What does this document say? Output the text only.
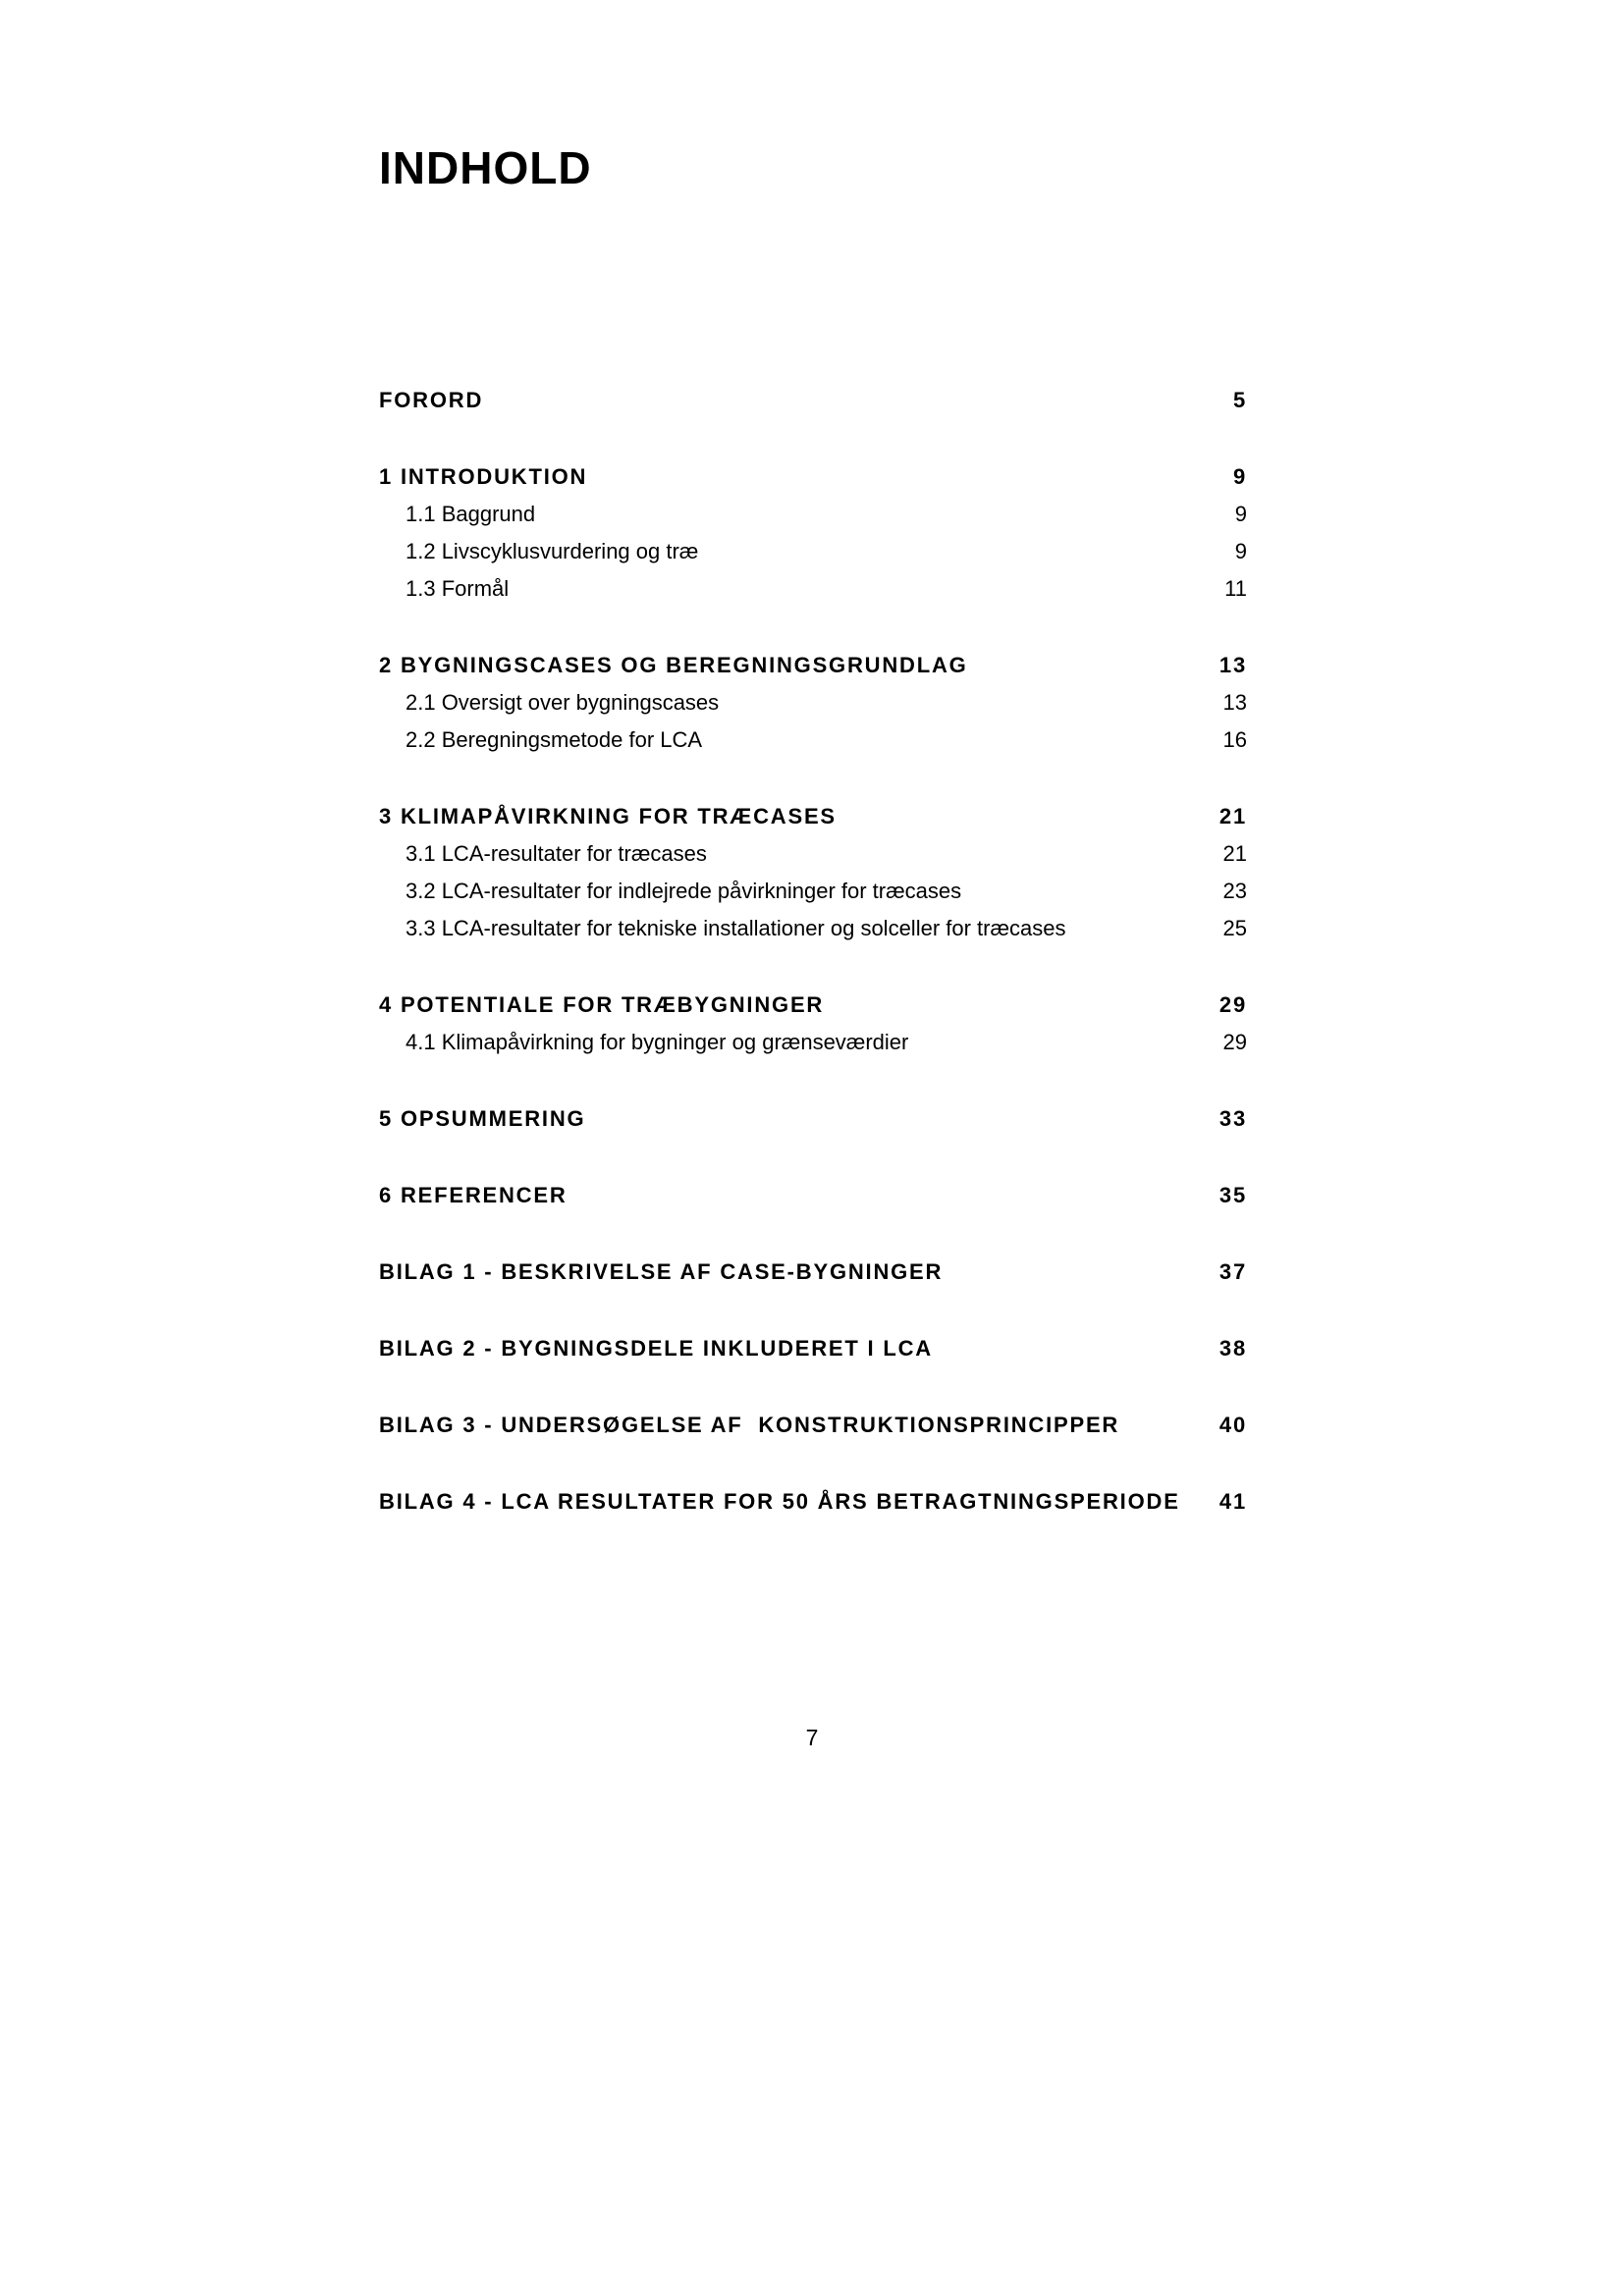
INDHOLD
FORORD	5
1 INTRODUKTION	9
1.1 Baggrund	9
1.2 Livscyklusvurdering og træ	9
1.3 Formål	11
2 BYGNINGSCASES OG BEREGNINGSGRUNDLAG	13
2.1 Oversigt over bygningscases	13
2.2 Beregningsmetode for LCA	16
3 KLIMAPÅVIRKNING FOR TRÆCASES	21
3.1 LCA-resultater for træcases	21
3.2 LCA-resultater for indlejrede påvirkninger for træcases	23
3.3 LCA-resultater for tekniske installationer og solceller for træcases	25
4 POTENTIALE FOR TRÆBYGNINGER	29
4.1 Klimapåvirkning for bygninger og grænseværdier	29
5 OPSUMMERING	33
6 REFERENCER	35
BILAG 1 - BESKRIVELSE AF CASE-BYGNINGER	37
BILAG 2 - BYGNINGSDELE INKLUDERET I LCA	38
BILAG 3 - UNDERSØGELSE AF  KONSTRUKTIONSPRINCIPPER	40
BILAG 4 - LCA RESULTATER FOR 50 ÅRS BETRAGTNINGSPERIODE	41
7
